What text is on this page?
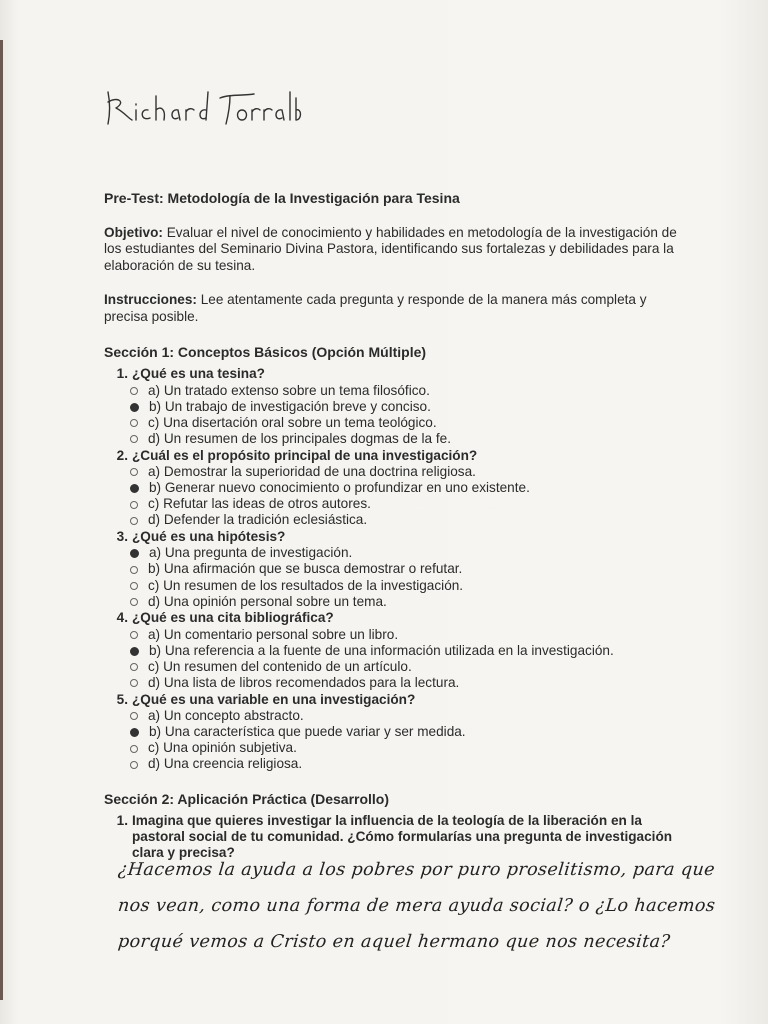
Pre-Test: Metodología de la Investigación para Tesina
Objetivo: Evaluar el nivel de conocimiento y habilidades en metodología de la investigación de los estudiantes del Seminario Divina Pastora, identificando sus fortalezas y debilidades para la elaboración de su tesina.
Instrucciones: Lee atentamente cada pregunta y responde de la manera más completa y precisa posible.
Sección 1: Conceptos Básicos (Opción Múltiple)
1. ¿Qué es una tesina?
a) Un tratado extenso sobre un tema filosófico.
b) Un trabajo de investigación breve y conciso.
c) Una disertación oral sobre un tema teológico.
d) Un resumen de los principales dogmas de la fe.
2. ¿Cuál es el propósito principal de una investigación?
a) Demostrar la superioridad de una doctrina religiosa.
b) Generar nuevo conocimiento o profundizar en uno existente.
c) Refutar las ideas de otros autores.
d) Defender la tradición eclesiástica.
3. ¿Qué es una hipótesis?
a) Una pregunta de investigación.
b) Una afirmación que se busca demostrar o refutar.
c) Un resumen de los resultados de la investigación.
d) Una opinión personal sobre un tema.
4. ¿Qué es una cita bibliográfica?
a) Un comentario personal sobre un libro.
b) Una referencia a la fuente de una información utilizada en la investigación.
c) Un resumen del contenido de un artículo.
d) Una lista de libros recomendados para la lectura.
5. ¿Qué es una variable en una investigación?
a) Un concepto abstracto.
b) Una característica que puede variar y ser medida.
c) Una opinión subjetiva.
d) Una creencia religiosa.
Sección 2: Aplicación Práctica (Desarrollo)
1. Imagina que quieres investigar la influencia de la teología de la liberación en la pastoral social de tu comunidad. ¿Cómo formularías una pregunta de investigación clara y precisa?
¿Hacemos la ayuda a los pobres por puro proselitismo, para que
nos vean, como una forma de mera ayuda social? o ¿Lo hacemos
porqué vemos a Cristo en aquel hermano que nos necesita?
